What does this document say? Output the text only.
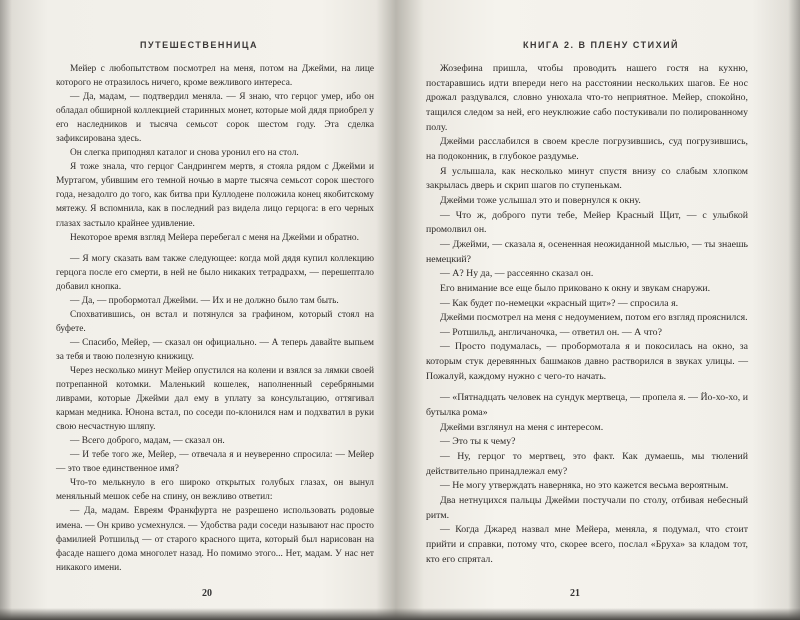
ПУТЕШЕСТВЕННИЦА

Мейер с любопытством посмотрел на меня, потом на Джейми, на лице которого не отразилось ничего, кроме вежливого интереса.

— Да, мадам, — подтвердил меняла. — Я знаю, что герцог умер, ибо он обладал обширной коллекцией старинных монет, которые мой дядя приобрел у его наследников и тысяча семьсот сорок шестом году. Эта сделка зафиксирована здесь.

Он слегка приподнял каталог и снова уронил его на стол.

Я тоже знала, что герцог Сандрингем мертв, я стояла рядом с Джейми и Муртагом, убившим его темной ночью в марте тысяча семьсот сорок шестого года, незадолго до того, как битва при Куллодене положила конец якобитскому мятежу. Я вспомнила, как в последний раз видела лицо герцога: в его черных глазах застыло крайнее удивление.

Некоторое время взгляд Мейера перебегал с меня на Джейми и обратно.

— Я могу сказать вам также следующее: когда мой дядя купил коллекцию герцога после его смерти, в ней не было никаких тетрадрахм, — перешептало добавил кнопка.

— Да, — пробормотал Джейми. — Их и не должно было там быть.

Спохватившись, он встал и потянулся за графином, который стоял на буфете.

— Спасибо, Мейер, — сказал он официально. — А теперь давайте выпьем за тебя и твою полезную книжицу.

Через несколько минут Мейер опустился на колени и взялся за лямки своей потрепанной котомки. Маленький кошелек, наполненный серебряными ливрами, которые Джейми дал ему в уплату за консультацию, оттягивал карман медника. Юнона встал, по соседи по-клонился нам и подхватил в руки свою несчастную шляпу.

— Всего доброго, мадам, — сказал он.

— И тебе того же, Мейер, — отвечала я и неуверенно спросила: — Мейер — это твое единственное имя?

Что-то мелькнуло в его широко открытых голубых глазах, он вынул меняльный мешок себе на спину, он вежливо ответил:

— Да, мадам. Евреям Франкфурта не разрешено использовать родовые имена. — Он криво усмехнулся. — Удобства ради соседи называют нас просто фамилией Ротшильд — от старого красного щита, который был нарисован на фасаде нашего дома многолет назад. Но помимо этого... Нет, мадам. У нас нет никакого имени.

20
КНИГА 2. В ПЛЕНУ СТИХИЙ

Жозефина пришла, чтобы проводить нашего гостя на кухню, постаравшись идти впереди него на расстоянии нескольких шагов. Ее нос дрожал раздувался, словно унюхала что-то неприятное. Мейер, спокойно, тащился следом за ней, его неуклюжие сабо постукивали по полированному полу.

Джейми расслабился в своем кресле погрузившись, суд погрузившись, на подоконник, в глубокое раздумье.

Я услышала, как несколько минут спустя внизу со слабым хлопком закрылась дверь и скрип шагов по ступенькам.

Джейми тоже услышал это и повернулся к окну.

— Что ж, доброго пути тебе, Мейер Красный Щит, — с улыбкой промолвил он.

— Джейми, — сказала я, осененная неожиданной мыслью, — ты знаешь немецкий?

— А? Ну да, — рассеянно сказал он.

Его внимание все еще было приковано к окну и звукам снаружи.

— Как будет по-немецки «красный щит»? — спросила я.

Джейми посмотрел на меня с недоумением, потом его взгляд прояснился.

— Ротшильд, англичаночка, — ответил он. — А что?

— Просто подумалась, — пробормотала я и покосилась на окно, за которым стук деревянных башмаков давно растворился в звуках улицы. — Пожалуй, каждому нужно с чего-то начать.

— «Пятнадцать человек на сундук мертвеца, — пропела я. — Йо-хо-хо, и бутылка рома»

Джейми взглянул на меня с интересом.

— Это ты к чему?

— Ну, герцог то мертвец, это факт. Как думаешь, мы тюлений действительно принадлежал ему?

— Не могу утверждать наверняка, но это кажется весьма вероятным.

Два нетнуцихся пальцы Джейми постучали по столу, отбивая небесный ритм.

— Когда Джаред назвал мне Мейера, меняла, я подумал, что стоит прийти и справки, потому что, скорее всего, послал «Бруха» за кладом тот, кто его спрятал.

21
